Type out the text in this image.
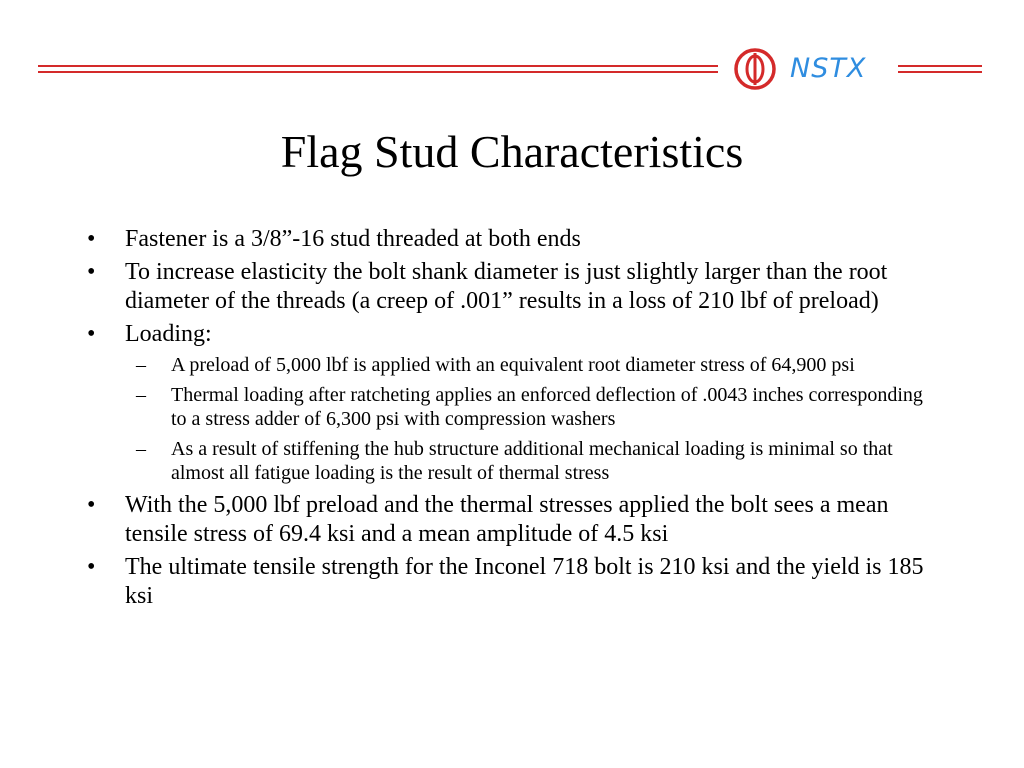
NSTX
Flag Stud Characteristics
•	Fastener is a 3/8”-16 stud threaded at both ends
•	To increase elasticity the bolt shank diameter is just slightly larger than the root diameter of the threads (a creep of .001” results in a loss of 210 lbf of preload)
•	Loading:
– A preload of 5,000 lbf is applied with an equivalent root diameter stress of 64,900 psi
– Thermal loading after ratcheting applies an enforced deflection of .0043 inches corresponding to a stress adder of 6,300 psi with compression washers
– As a result of stiffening the hub structure additional mechanical loading is minimal so that almost all fatigue loading is the result of thermal stress
•	With the 5,000 lbf preload and the thermal stresses applied the bolt sees a mean tensile stress of 69.4 ksi and a mean amplitude of 4.5 ksi
•	The ultimate tensile strength for the Inconel 718 bolt is 210 ksi and the yield is 185 ksi
